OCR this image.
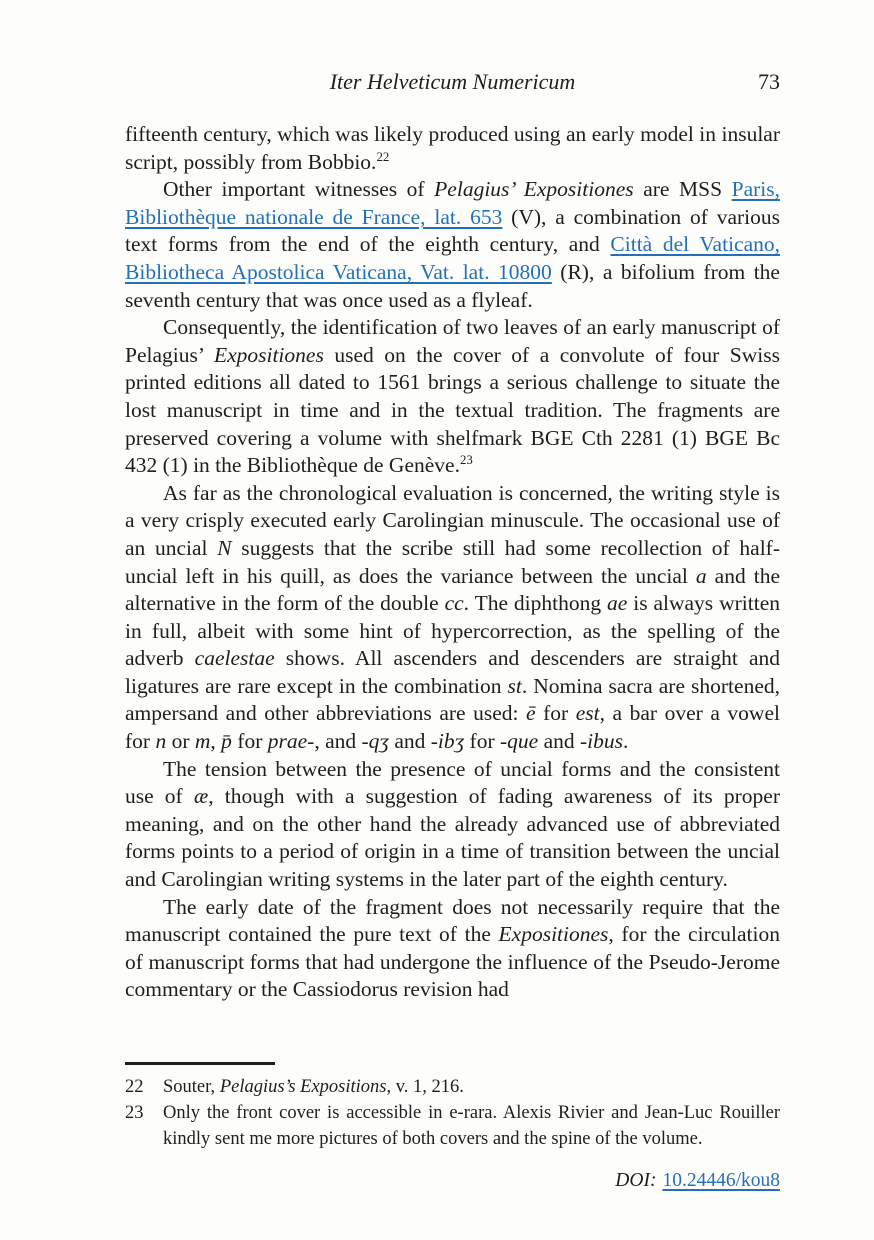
Iter Helveticum Numericum	73

fifteenth century, which was likely produced using an early model in insular script, possibly from Bobbio.$^{22}$

Other important witnesses of Pelagius’ Expositiones are MSS Paris, Bibliothèque nationale de France, lat. 653 (V), a combination of various text forms from the end of the eighth century, and Città del Vaticano, Bibliotheca Apostolica Vaticana, Vat. lat. 10800 (R), a bifolium from the seventh century that was once used as a flyleaf.

Consequently, the identification of two leaves of an early manuscript of Pelagius’ Expositiones used on the cover of a convolute of four Swiss printed editions all dated to 1561 brings a serious challenge to situate the lost manuscript in time and in the textual tradition. The fragments are preserved covering a volume with shelfmark BGE Cth 2281 (1) BGE Bc 432 (1) in the Bibliothèque de Genève.$^{23}$

As far as the chronological evaluation is concerned, the writing style is a very crisply executed early Carolingian minuscule. The occasional use of an uncial N suggests that the scribe still had some recollection of half-uncial left in his quill, as does the variance between the uncial a and the alternative in the form of the double cc. The diphthong ae is always written in full, albeit with some hint of hypercorrection, as the spelling of the adverb caelestae shows. All ascenders and descenders are straight and ligatures are rare except in the combination st. Nomina sacra are shortened, ampersand and other abbreviations are used: ē for est, a bar over a vowel for n or m, p̄ for prae-, and -qʒ and -ibʒ for -que and -ibus.

The tension between the presence of uncial forms and the consistent use of æ, though with a suggestion of fading awareness of its proper meaning, and on the other hand the already advanced use of abbreviated forms points to a period of origin in a time of transition between the uncial and Carolingian writing systems in the later part of the eighth century.

The early date of the fragment does not necessarily require that the manuscript contained the pure text of the Expositiones, for the circulation of manuscript forms that had undergone the influence of the Pseudo-Jerome commentary or the Cassiodorus revision had

22	Souter, Pelagius’s Expositions, v. 1, 216.
23	Only the front cover is accessible in e-rara. Alexis Rivier and Jean-Luc Rouiller kindly sent me more pictures of both covers and the spine of the volume.
DOI: 10.24446/kou8
